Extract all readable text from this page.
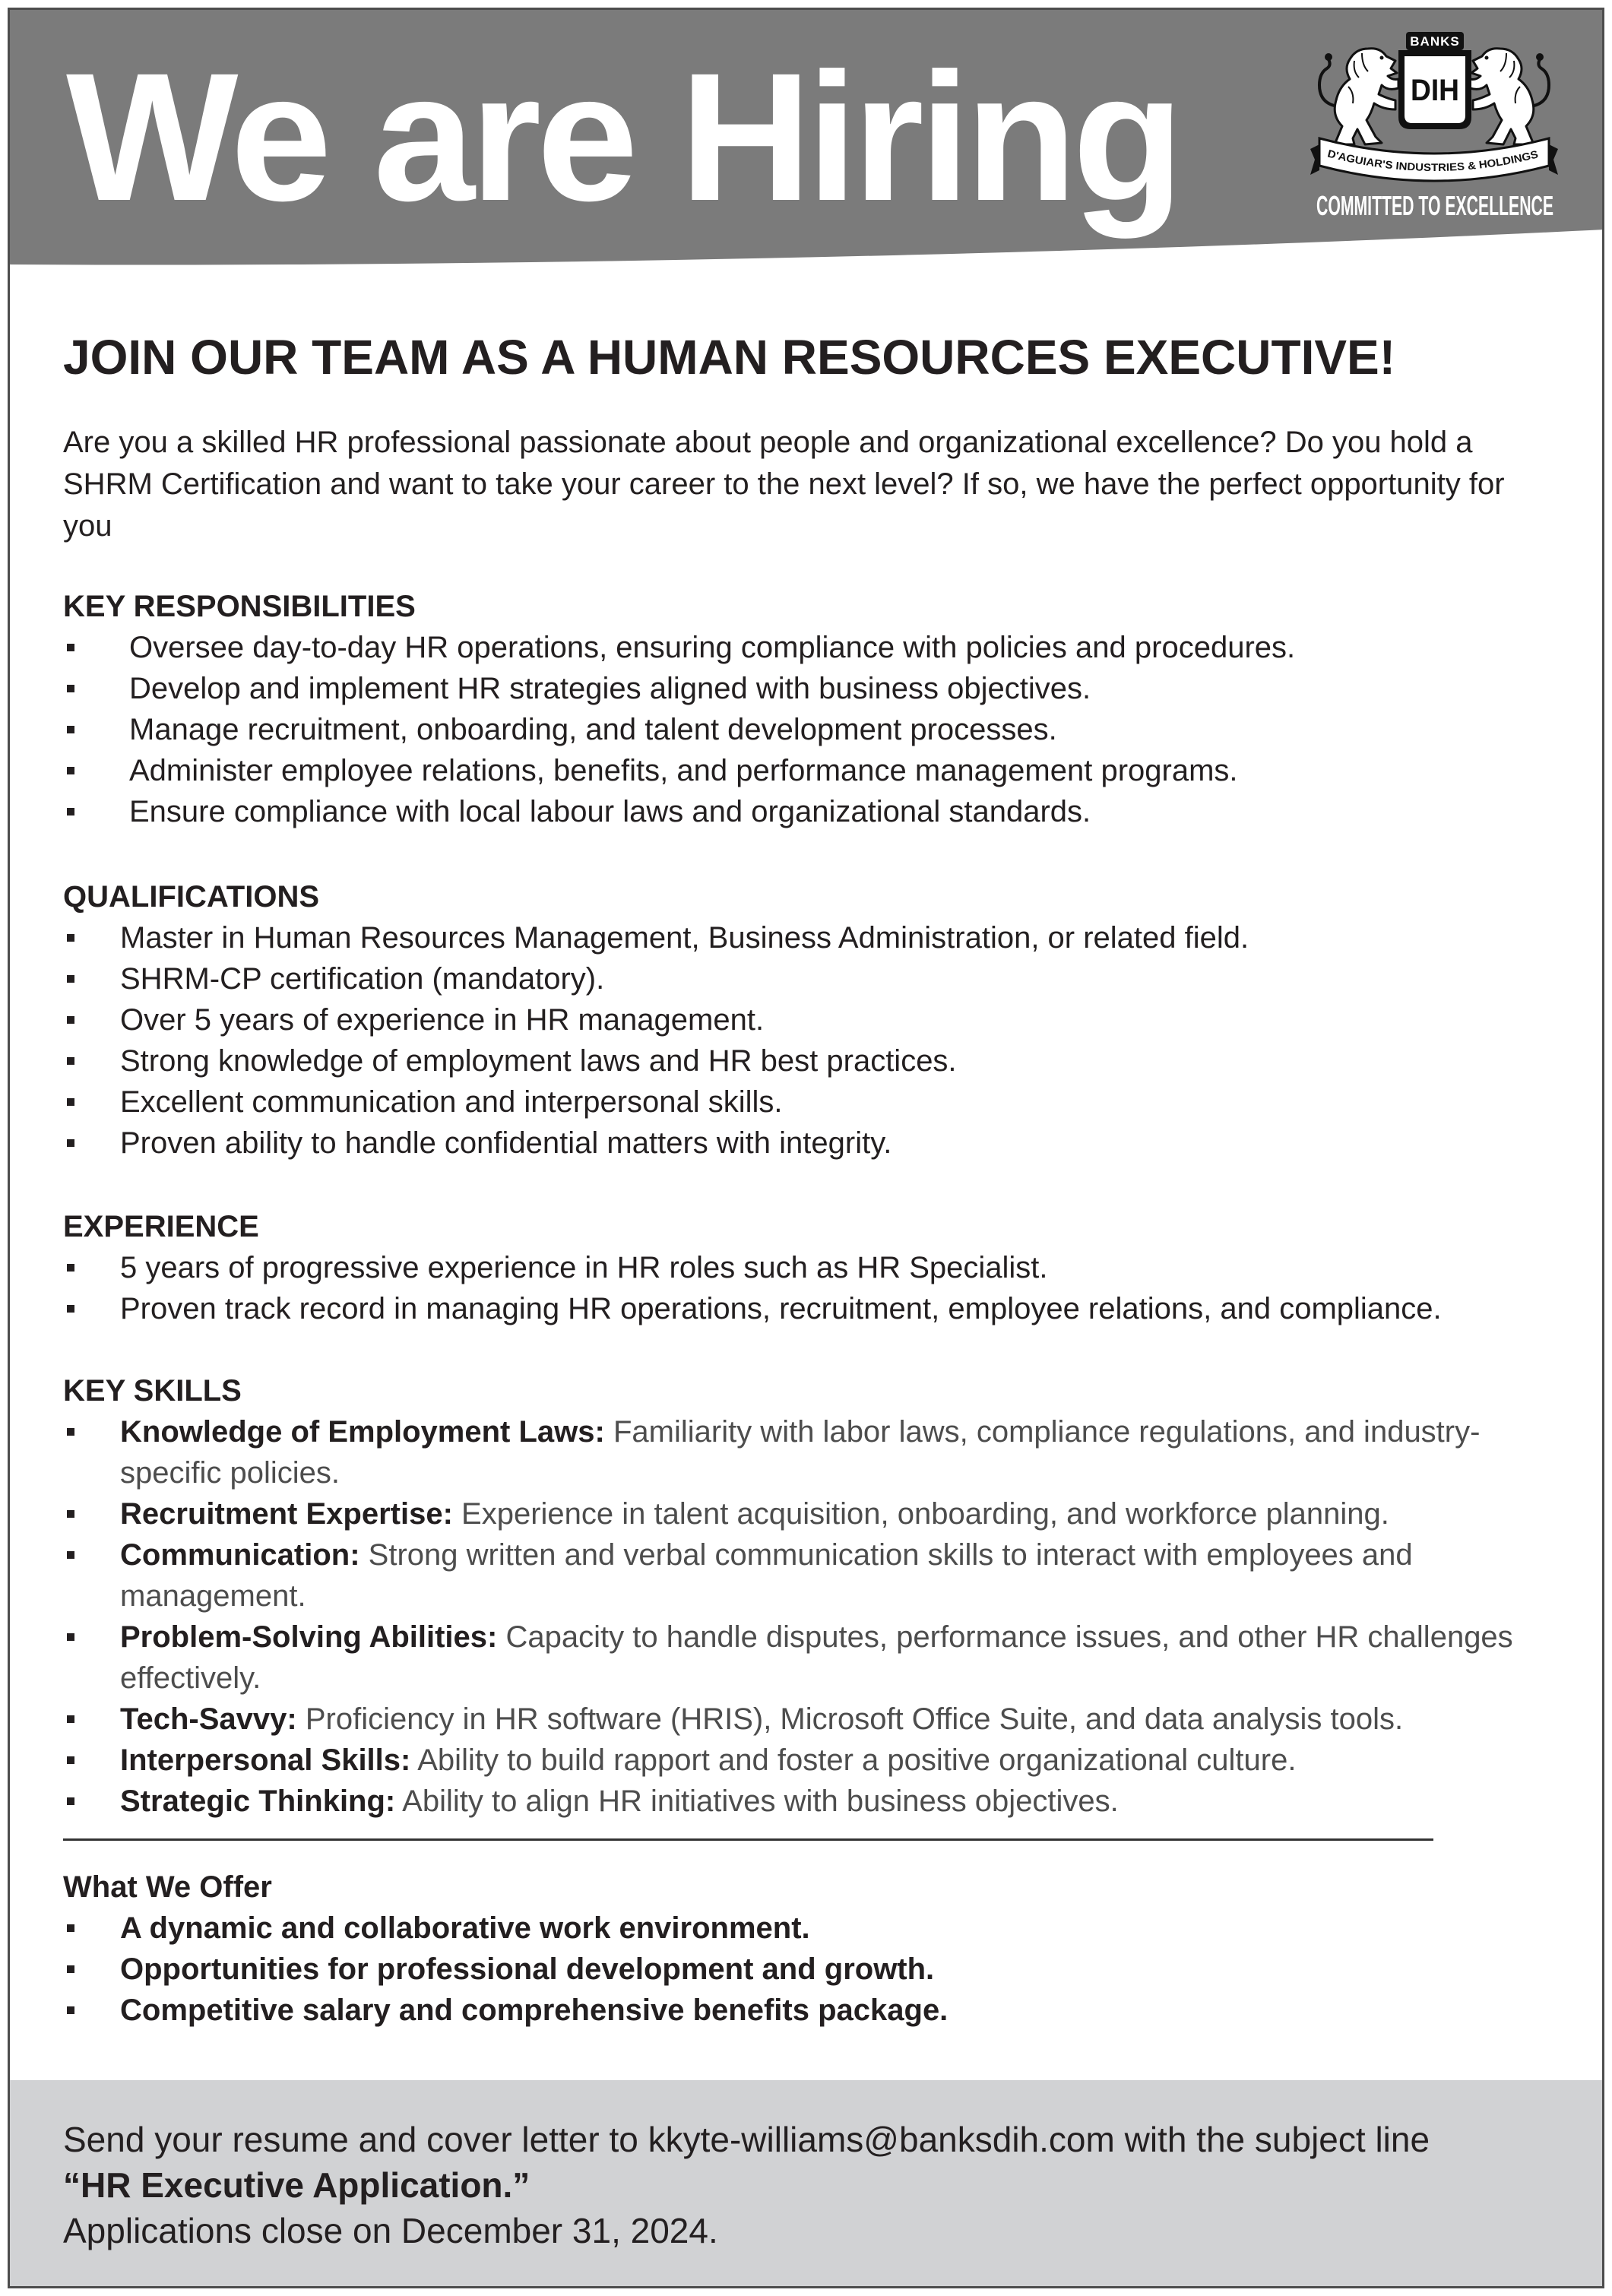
We are Hiring	BANKS
DIH
D'AGUIAR'S INDUSTRIES & HOLDINGS
COMMITTED TO EXCELLENCE
JOIN OUR TEAM AS A HUMAN RESOURCES EXECUTIVE!

Are you a skilled HR professional passionate about people and organizational excellence? Do you hold a SHRM Certification and want to take your career to the next level? If so, we have the perfect opportunity for you

KEY RESPONSIBILITIES
Oversee day-to-day HR operations, ensuring compliance with policies and procedures.
Develop and implement HR strategies aligned with business objectives.
Manage recruitment, onboarding, and talent development processes.
Administer employee relations, benefits, and performance management programs.
Ensure compliance with local labour laws and organizational standards.
QUALIFICATIONS
Master in Human Resources Management, Business Administration, or related field.
SHRM-CP certification (mandatory).
Over 5 years of experience in HR management.
Strong knowledge of employment laws and HR best practices.
Excellent communication and interpersonal skills.
Proven ability to handle confidential matters with integrity.
EXPERIENCE
5 years of progressive experience in HR roles such as HR Specialist.
Proven track record in managing HR operations, recruitment, employee relations, and compliance.
KEY SKILLS
Knowledge of Employment Laws: Familiarity with labor laws, compliance regulations, and industry-specific policies.
Recruitment Expertise: Experience in talent acquisition, onboarding, and workforce planning.
Communication: Strong written and verbal communication skills to interact with employees and management.
Problem-Solving Abilities: Capacity to handle disputes, performance issues, and other HR challenges effectively.
Tech-Savvy: Proficiency in HR software (HRIS), Microsoft Office Suite, and data analysis tools.
Interpersonal Skills: Ability to build rapport and foster a positive organizational culture.
Strategic Thinking: Ability to align HR initiatives with business objectives.
What We Offer
A dynamic and collaborative work environment.
Opportunities for professional development and growth.
Competitive salary and comprehensive benefits package.

Send your resume and cover letter to kkyte-williams@banksdih.com with the subject line “HR Executive Application.”
Applications close on December 31, 2024.
